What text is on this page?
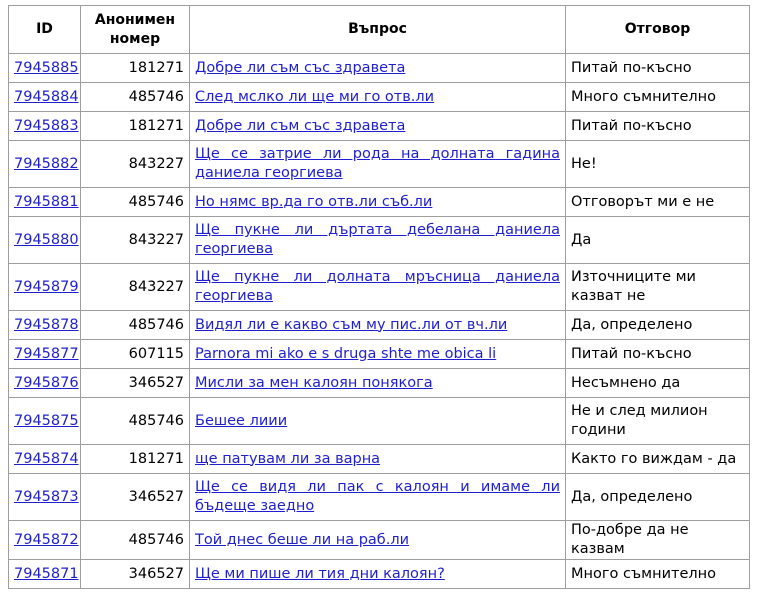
ID	Анонимен номер	Въпрос	Отговор
7945885	181271	Добре ли съм със здравета	Питай по-късно
7945884	485746	След мслко ли ще ми го отв.ли	Много съмнително
7945883	181271	Добре ли съм със здравета	Питай по-късно
7945882	843227	Ще се затрие ли рода на долната гадина даниела георгиева	Не!
7945881	485746	Но нямс вр.да го отв.ли съб.ли	Отговорът ми е не
7945880	843227	Ще пукне ли дъртата дебелана даниела георгиева	Да
7945879	843227	Ще пукне ли долната мръсница даниела георгиева	Източниците ми казват не
7945878	485746	Видял ли е какво съм му пис.ли от вч.ли	Да, определено
7945877	607115	Parnora mi ako e s druga shte me obica li	Питай по-късно
7945876	346527	Мисли за мен калоян понякога	Несъмнено да
7945875	485746	Бешее лиии	Не и след милион години
7945874	181271	ще патувам ли за варна	Както го виждам - да
7945873	346527	Ще се видя ли пак с калоян и имаме ли бъдеще заедно	Да, определено
7945872	485746	Той днес беше ли на раб.ли	По-добре да не казвам
7945871	346527	Ще ми пише ли тия дни калоян?	Много съмнително
